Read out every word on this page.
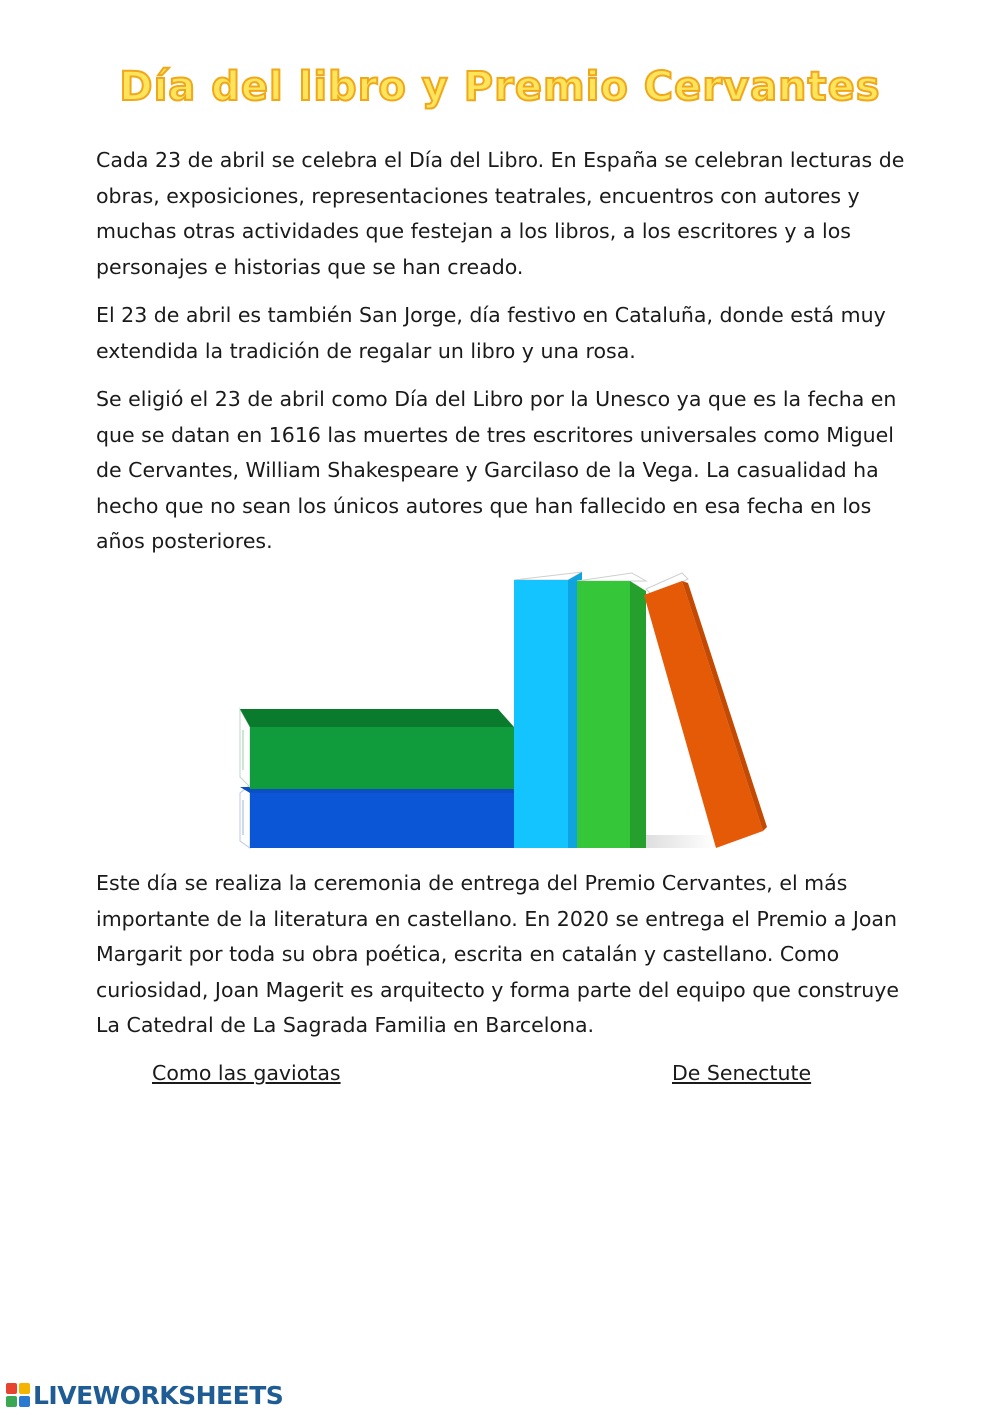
Día del libro y Premio Cervantes

Cada 23 de abril se celebra el Día del Libro. En España se celebran lecturas de obras, exposiciones, representaciones teatrales, encuentros con autores y muchas otras actividades que festejan a los libros, a los escritores y a los personajes e historias que se han creado.

El 23 de abril es también San Jorge, día festivo en Cataluña, donde está muy extendida la tradición de regalar un libro y una rosa.

Se eligió el 23 de abril como Día del Libro por la Unesco ya que es la fecha en que se datan en 1616 las muertes de tres escritores universales como Miguel de Cervantes, William Shakespeare y Garcilaso de la Vega. La casualidad ha hecho que no sean los únicos autores que han fallecido en esa fecha en los años posteriores.

Este día se realiza la ceremonia de entrega del Premio Cervantes, el más importante de la literatura en castellano. En 2020 se entrega el Premio a Joan Margarit por toda su obra poética, escrita en catalán y castellano. Como curiosidad, Joan Magerit es arquitecto y forma parte del equipo que construye La Catedral de La Sagrada Familia en Barcelona.

Como las gaviotas	De Senectute
LIVEWORKSHEETS
